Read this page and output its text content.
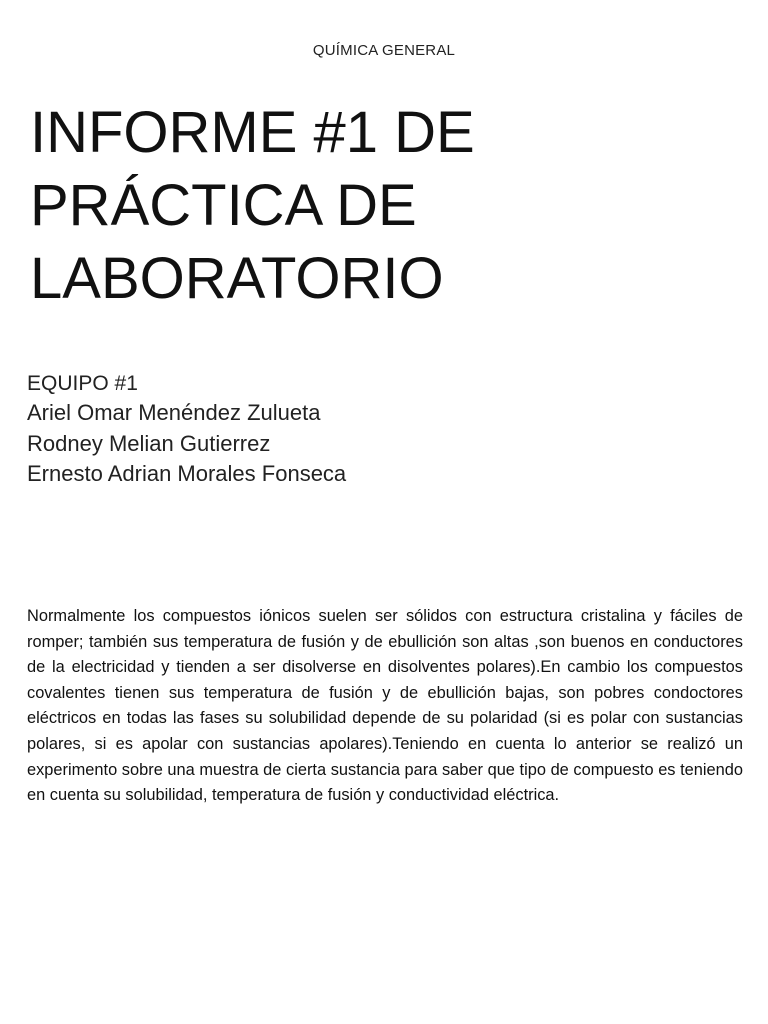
QUÍMICA GENERAL
INFORME #1 DE
PRÁCTICA DE
LABORATORIO
EQUIPO #1
Ariel Omar Menéndez Zulueta
Rodney Melian Gutierrez
Ernesto Adrian Morales Fonseca

Normalmente los compuestos iónicos suelen ser sólidos con estructura cristalina y fáciles de romper; también sus temperatura de fusión y de ebullición son altas ,son buenos en conductores de la electricidad y tienden a ser disolverse en disolventes polares).En cambio los compuestos covalentes tienen sus temperatura de fusión y de ebullición bajas, son pobres condoctores eléctricos en todas las fases su solubilidad depende de su polaridad (si es polar con sustancias polares, si es apolar con sustancias apolares).Teniendo en cuenta lo anterior se realizó un experimento sobre una muestra de cierta sustancia para saber que tipo de compuesto es teniendo en cuenta su solubilidad, temperatura de fusión y conductividad eléctrica.
